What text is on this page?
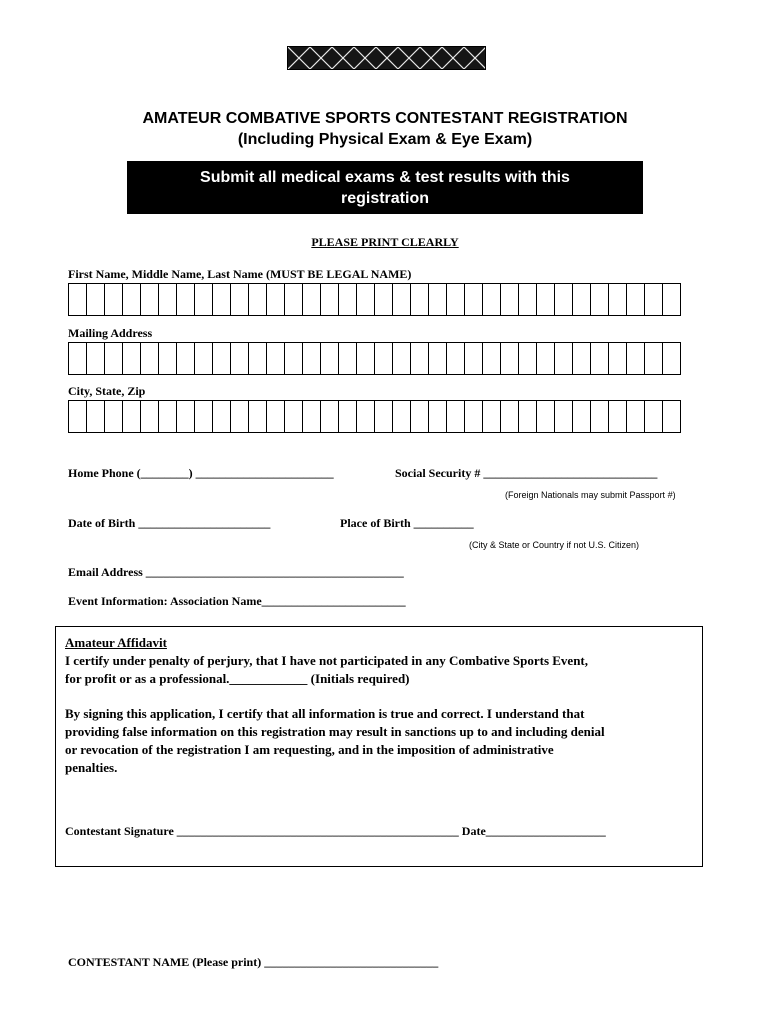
AMATEUR COMBATIVE SPORTS CONTESTANT REGISTRATION
(Including Physical Exam & Eye Exam)
Submit all medical exams & test results with this
registration
PLEASE PRINT CLEARLY
First Name, Middle Name, Last Name (MUST BE LEGAL NAME)
Mailing Address
City, State, Zip
Home Phone (________) _______________________	Social Security # _____________________________
(Foreign Nationals may submit Passport #)
Date of Birth ______________________	Place of Birth __________
(City & State or Country if not U.S. Citizen)
Email Address ___________________________________________
Event Information: Association Name________________________
Amateur Affidavit
I certify under penalty of perjury, that I have not participated in any Combative Sports Event,
for profit or as a professional.____________ (Initials required)
By signing this application, I certify that all information is true and correct. I understand that
providing false information on this registration may result in sanctions up to and including denial
or revocation of the registration I am requesting, and in the imposition of administrative
penalties.
Contestant Signature _______________________________________________ Date____________________
CONTESTANT NAME (Please print) _____________________________
